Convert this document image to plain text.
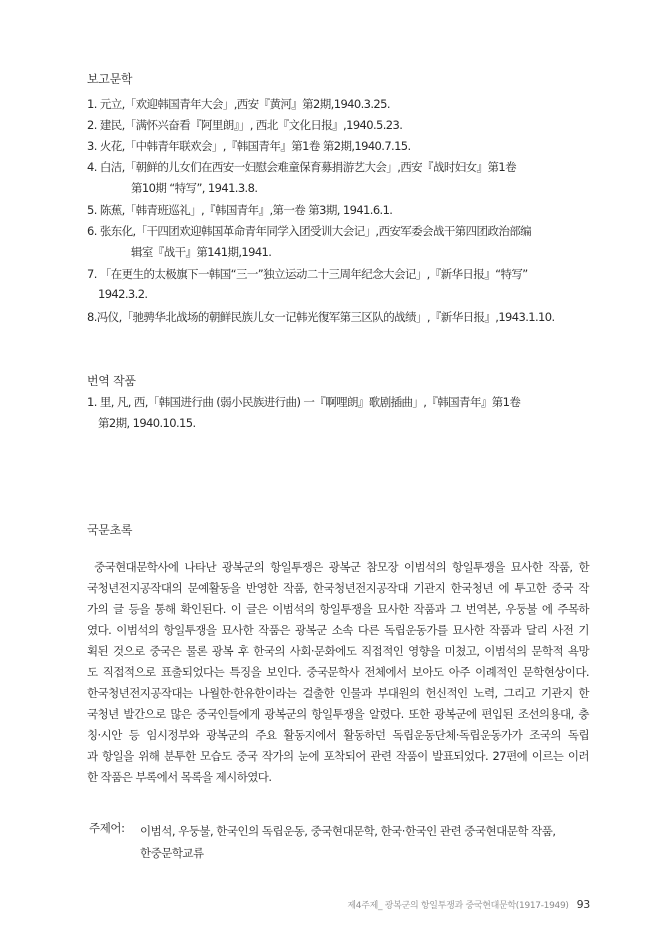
보고문학
1. 元立,「欢迎韩国青年大会」,西安『黄河』第2期,1940.3.25.
2. 建民,「满怀兴奋看『阿里朗』」, 西北『文化日报』,1940.5.23.
3. 火花,「中韩青年联欢会」,『韩国青年』第1卷 第2期,1940.7.15.
4. 白洁,「朝鲜的儿女们在西安一妇慰会难童保育募捐游艺大会」,西安『战时妇女』第1卷
第10期 “特写”, 1941.3.8.
5. 陈蕉,「韩青班巡礼」,『韩国青年』,第一卷 第3期, 1941.6.1.
6. 张东化,「干四团欢迎韩国革命青年同学入团受训大会记」,西安军委会战干第四团政治部编
辑室『战干』第141期,1941.
7. 「在更生的太极旗下一韩国“三一”独立运动二十三周年纪念大会记」,『新华日报』“特写”
1942.3.2.
8.冯仪,「驰骋华北战场的朝鲜民族儿女一记韩光復军第三区队的战绩」,『新华日报』,1943.1.10.
번역 작품
1. 里, 凡, 西,「韩国进行曲 (弱小民族进行曲) 一『啊哩朗』歌剧插曲」,『韩国青年』第1卷
第2期, 1940.10.15.
국문초록
중국현대문학사에 나타난 광복군의 항일투쟁은 광복군 참모장 이범석의 항일투쟁을 묘사한 작품, 한
국청년전지공작대의 문예활동을 반영한 작품, 한국청년전지공작대 기관지 한국청년 에 투고한 중국 작
가의 글 등을 통해 확인된다. 이 글은 이범석의 항일투쟁을 묘사한 작품과 그 번역본, 우둥불 에 주목하
였다. 이범석의 항일투쟁을 묘사한 작품은 광복군 소속 다른 독립운동가를 묘사한 작품과 달리 사전 기
획된 것으로 중국은 물론 광복 후 한국의 사회·문화에도 직접적인 영향을 미쳤고, 이범석의 문학적 욕망
도 직접적으로 표출되었다는 특징을 보인다. 중국문학사 전체에서 보아도 아주 이례적인 문학현상이다.
한국청년전지공작대는 나월한·한유한이라는 걸출한 인물과 부대원의 헌신적인 노력, 그리고 기관지 한
국청년 발간으로 많은 중국인들에게 광복군의 항일투쟁을 알렸다. 또한 광복군에 편입된 조선의용대, 충
칭·시안 등 임시정부와 광복군의 주요 활동지에서 활동하던 독립운동단체·독립운동가가 조국의 독립
과 항일을 위해 분투한 모습도 중국 작가의 눈에 포착되어 관련 작품이 발표되었다. 27편에 이르는 이러
한 작품은 부록에서 목록을 제시하였다.
주제어: 이범석, 우둥불, 한국인의 독립운동, 중국현대문학, 한국·한국인 관련 중국현대문학 작품,
한중문학교류
제4주제_ 광복군의 항일투쟁과 중국현대문학(1917-1949) 93
